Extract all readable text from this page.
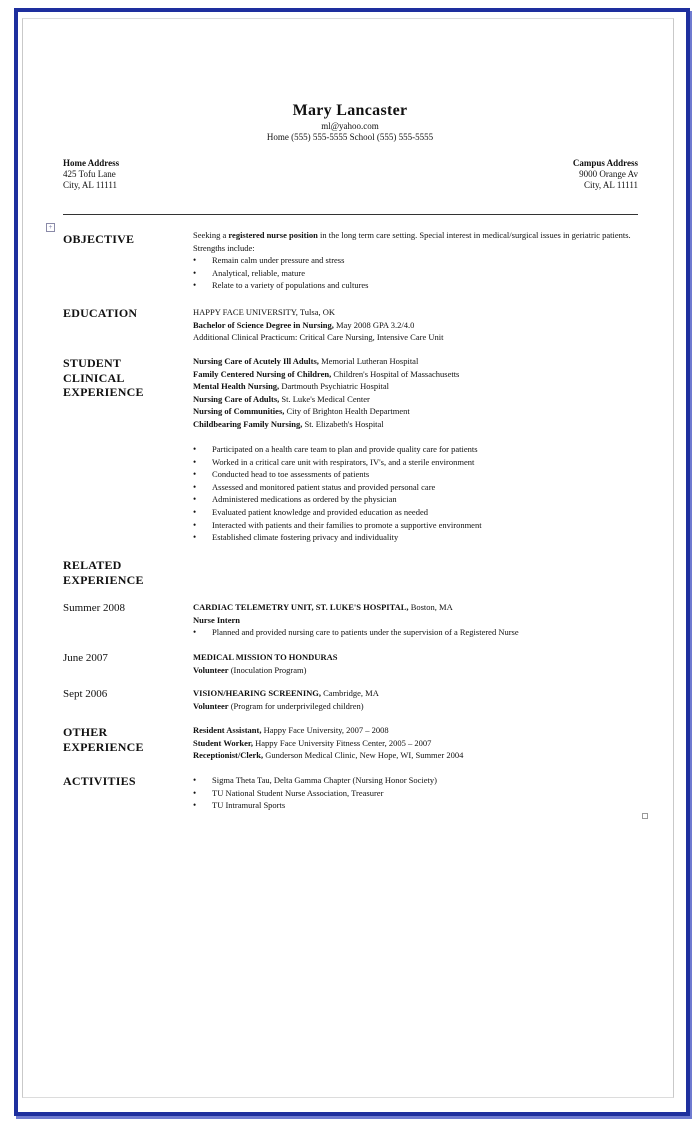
Mary Lancaster
ml@yahoo.com
Home (555) 555-5555 School (555) 555-5555
Home Address
425 Tofu Lane
City, AL 11111
Campus Address
9000 Orange Av
City, AL 11111
+
OBJECTIVE	Seeking a registered nurse position in the long term care setting. Special interest in medical/surgical issues in geriatric patients. Strengths include:
• Remain calm under pressure and stress
• Analytical, reliable, mature
• Relate to a variety of populations and cultures
EDUCATION	HAPPY FACE UNIVERSITY, Tulsa, OK
Bachelor of Science Degree in Nursing, May 2008 GPA 3.2/4.0
Additional Clinical Practicum: Critical Care Nursing, Intensive Care Unit
STUDENT
CLINICAL
EXPERIENCE
Nursing Care of Acutely Ill Adults, Memorial Lutheran Hospital
Family Centered Nursing of Children, Children's Hospital of Massachusetts
Mental Health Nursing, Dartmouth Psychiatric Hospital
Nursing Care of Adults, St. Luke's Medical Center
Nursing of Communities, City of Brighton Health Department
Childbearing Family Nursing, St. Elizabeth's Hospital
• Participated on a health care team to plan and provide quality care for patients
• Worked in a critical care unit with respirators, IV's, and a sterile environment
• Conducted head to toe assessments of patients
• Assessed and monitored patient status and provided personal care
• Administered medications as ordered by the physician
• Evaluated patient knowledge and provided education as needed
• Interacted with patients and their families to promote a supportive environment
• Established climate fostering privacy and individuality
RELATED
EXPERIENCE
Summer 2008	CARDIAC TELEMETRY UNIT, ST. LUKE'S HOSPITAL, Boston, MA
Nurse Intern
• Planned and provided nursing care to patients under the supervision of a Registered Nurse
June 2007	MEDICAL MISSION TO HONDURAS
Volunteer (Inoculation Program)
Sept 2006	VISION/HEARING SCREENING, Cambridge, MA
Volunteer (Program for underprivileged children)
OTHER
EXPERIENCE
Resident Assistant, Happy Face University, 2007 – 2008
Student Worker, Happy Face University Fitness Center, 2005 – 2007
Receptionist/Clerk, Gunderson Medical Clinic, New Hope, WI, Summer 2004
ACTIVITIES
•	Sigma Theta Tau, Delta Gamma Chapter (Nursing Honor Society)
• TU National Student Nurse Association, Treasurer
• TU Intramural Sports
